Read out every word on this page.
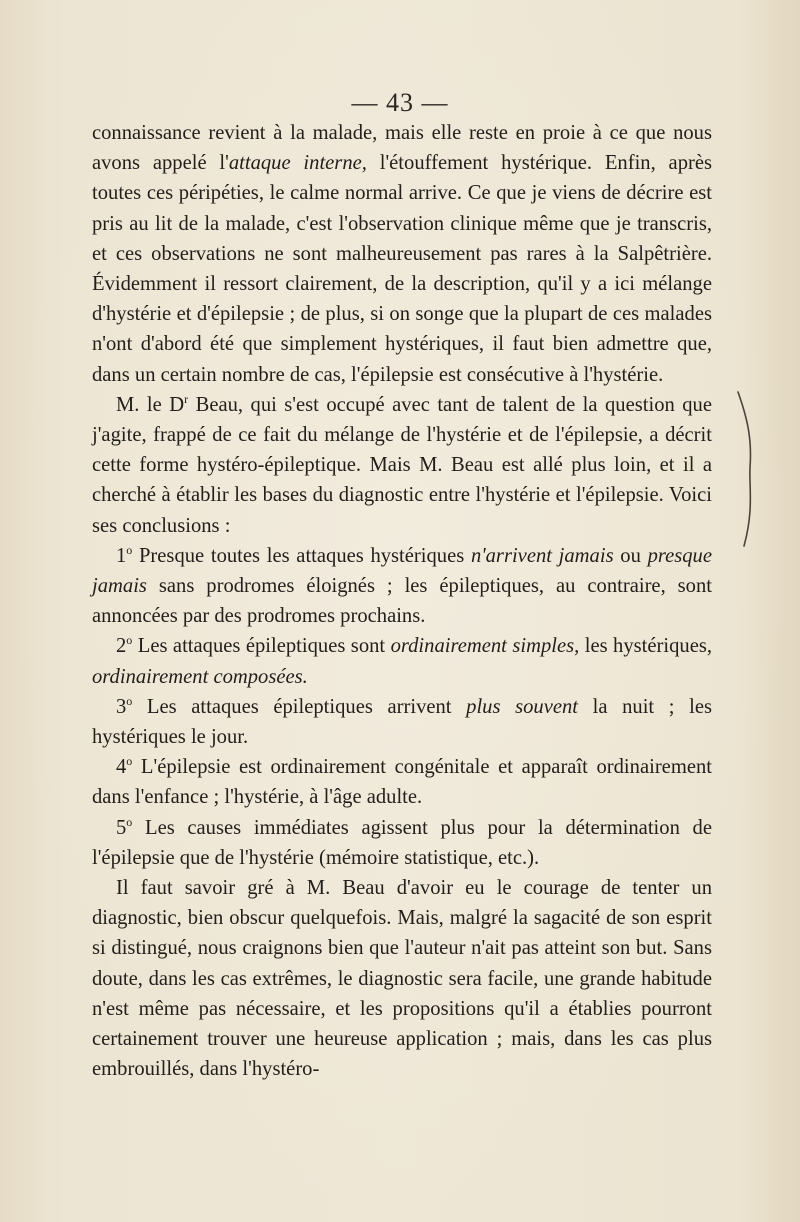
— 43 —

connaissance revient à la malade, mais elle reste en proie à ce que nous avons appelé l'attaque interne, l'étouffement hystérique. Enfin, après toutes ces péripéties, le calme normal arrive. Ce que je viens de décrire est pris au lit de la malade, c'est l'observation clinique même que je transcris, et ces observations ne sont malheureusement pas rares à la Salpêtrière. Évidemment il ressort clairement, de la description, qu'il y a ici mélange d'hystérie et d'épilepsie ; de plus, si on songe que la plupart de ces malades n'ont d'abord été que simplement hystériques, il faut bien admettre que, dans un certain nombre de cas, l'épilepsie est consécutive à l'hystérie.

M. le $D^r$ Beau, qui s'est occupé avec tant de talent de la question que j'agite, frappé de ce fait du mélange de l'hystérie et de l'épilepsie, a décrit cette forme hystéro-épileptique. Mais M. Beau est allé plus loin, et il a cherché à établir les bases du diagnostic entre l'hystérie et l'épilepsie. Voici ses conclusions :

1$^o$ Presque toutes les attaques hystériques n'arrivent jamais ou presque jamais sans prodromes éloignés ; les épileptiques, au contraire, sont annoncées par des prodromes prochains.

2$^o$ Les attaques épileptiques sont ordinairement simples, les hystériques, ordinairement composées.

3$^o$ Les attaques épileptiques arrivent plus souvent la nuit ; les hystériques le jour.

4$^o$ L'épilepsie est ordinairement congénitale et apparaît ordinairement dans l'enfance ; l'hystérie, à l'âge adulte.

5$^o$ Les causes immédiates agissent plus pour la détermination de l'épilepsie que de l'hystérie (mémoire statistique, etc.).

Il faut savoir gré à M. Beau d'avoir eu le courage de tenter un diagnostic, bien obscur quelquefois. Mais, malgré la sagacité de son esprit si distingué, nous craignons bien que l'auteur n'ait pas atteint son but. Sans doute, dans les cas extrêmes, le diagnostic sera facile, une grande habitude n'est même pas nécessaire, et les propositions qu'il a établies pourront certainement trouver une heureuse application ; mais, dans les cas plus embrouillés, dans l'hystéro-
